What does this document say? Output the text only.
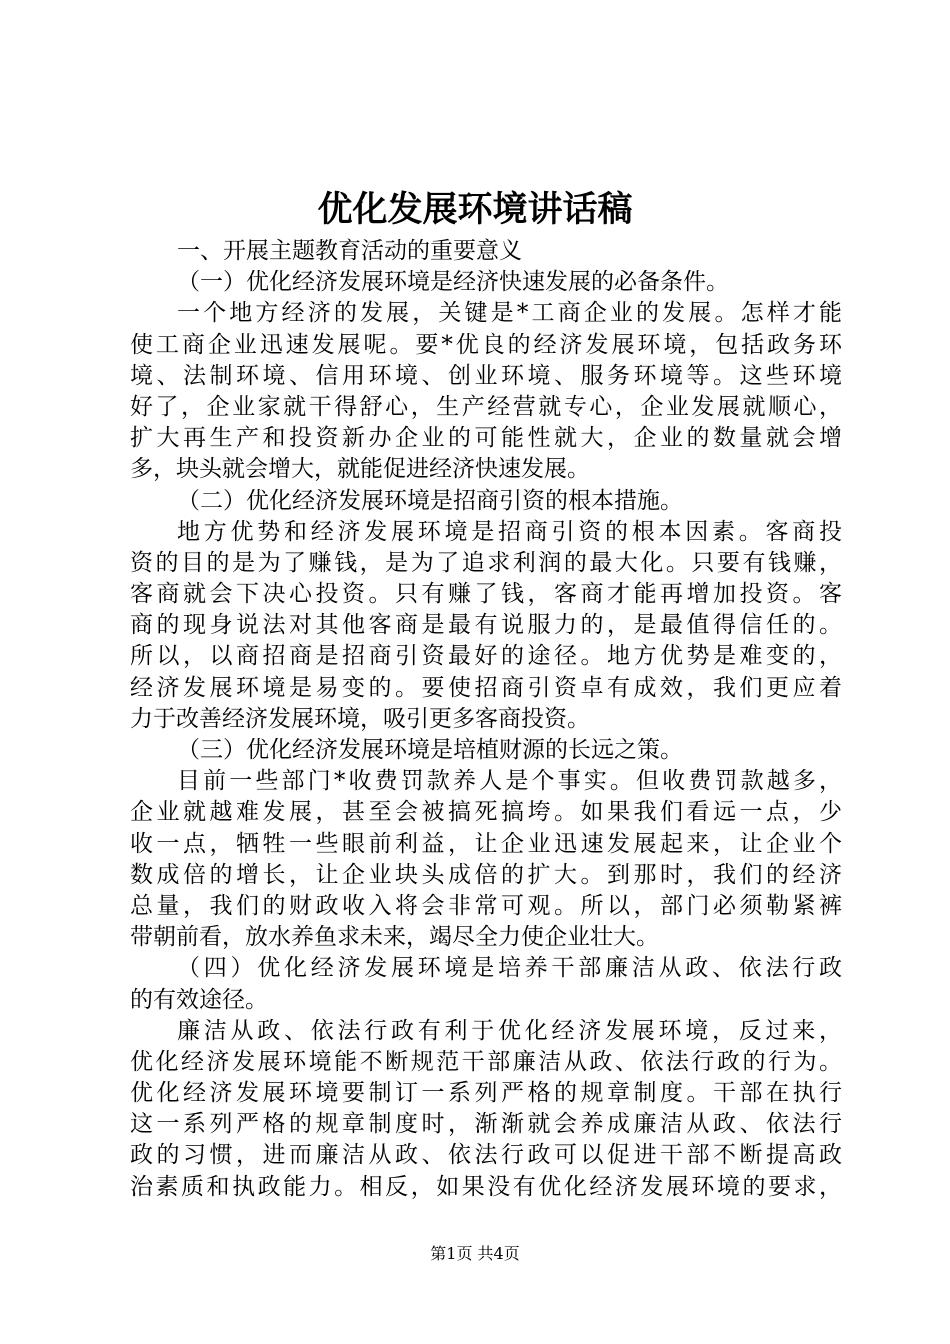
优化发展环境讲话稿
一、开展主题教育活动的重要意义
（一）优化经济发展环境是经济快速发展的必备条件。
一个地方经济的发展，关键是*工商企业的发展。怎样才能
使工商企业迅速发展呢。要*优良的经济发展环境，包括政务环
境、法制环境、信用环境、创业环境、服务环境等。这些环境
好了，企业家就干得舒心，生产经营就专心，企业发展就顺心，
扩大再生产和投资新办企业的可能性就大，企业的数量就会增
多，块头就会增大，就能促进经济快速发展。
（二）优化经济发展环境是招商引资的根本措施。
地方优势和经济发展环境是招商引资的根本因素。客商投
资的目的是为了赚钱，是为了追求利润的最大化。只要有钱赚，
客商就会下决心投资。只有赚了钱，客商才能再增加投资。客
商的现身说法对其他客商是最有说服力的，是最值得信任的。
所以，以商招商是招商引资最好的途径。地方优势是难变的，
经济发展环境是易变的。要使招商引资卓有成效，我们更应着
力于改善经济发展环境，吸引更多客商投资。
（三）优化经济发展环境是培植财源的长远之策。
目前一些部门*收费罚款养人是个事实。但收费罚款越多，
企业就越难发展，甚至会被搞死搞垮。如果我们看远一点，少
收一点，牺牲一些眼前利益，让企业迅速发展起来，让企业个
数成倍的增长，让企业块头成倍的扩大。到那时，我们的经济
总量，我们的财政收入将会非常可观。所以，部门必须勒紧裤
带朝前看，放水养鱼求未来，竭尽全力使企业壮大。
（四）优化经济发展环境是培养干部廉洁从政、依法行政
的有效途径。
廉洁从政、依法行政有利于优化经济发展环境，反过来，
优化经济发展环境能不断规范干部廉洁从政、依法行政的行为。
优化经济发展环境要制订一系列严格的规章制度。干部在执行
这一系列严格的规章制度时，渐渐就会养成廉洁从政、依法行
政的习惯，进而廉洁从政、依法行政可以促进干部不断提高政
治素质和执政能力。相反，如果没有优化经济发展环境的要求，
第1页 共4页
